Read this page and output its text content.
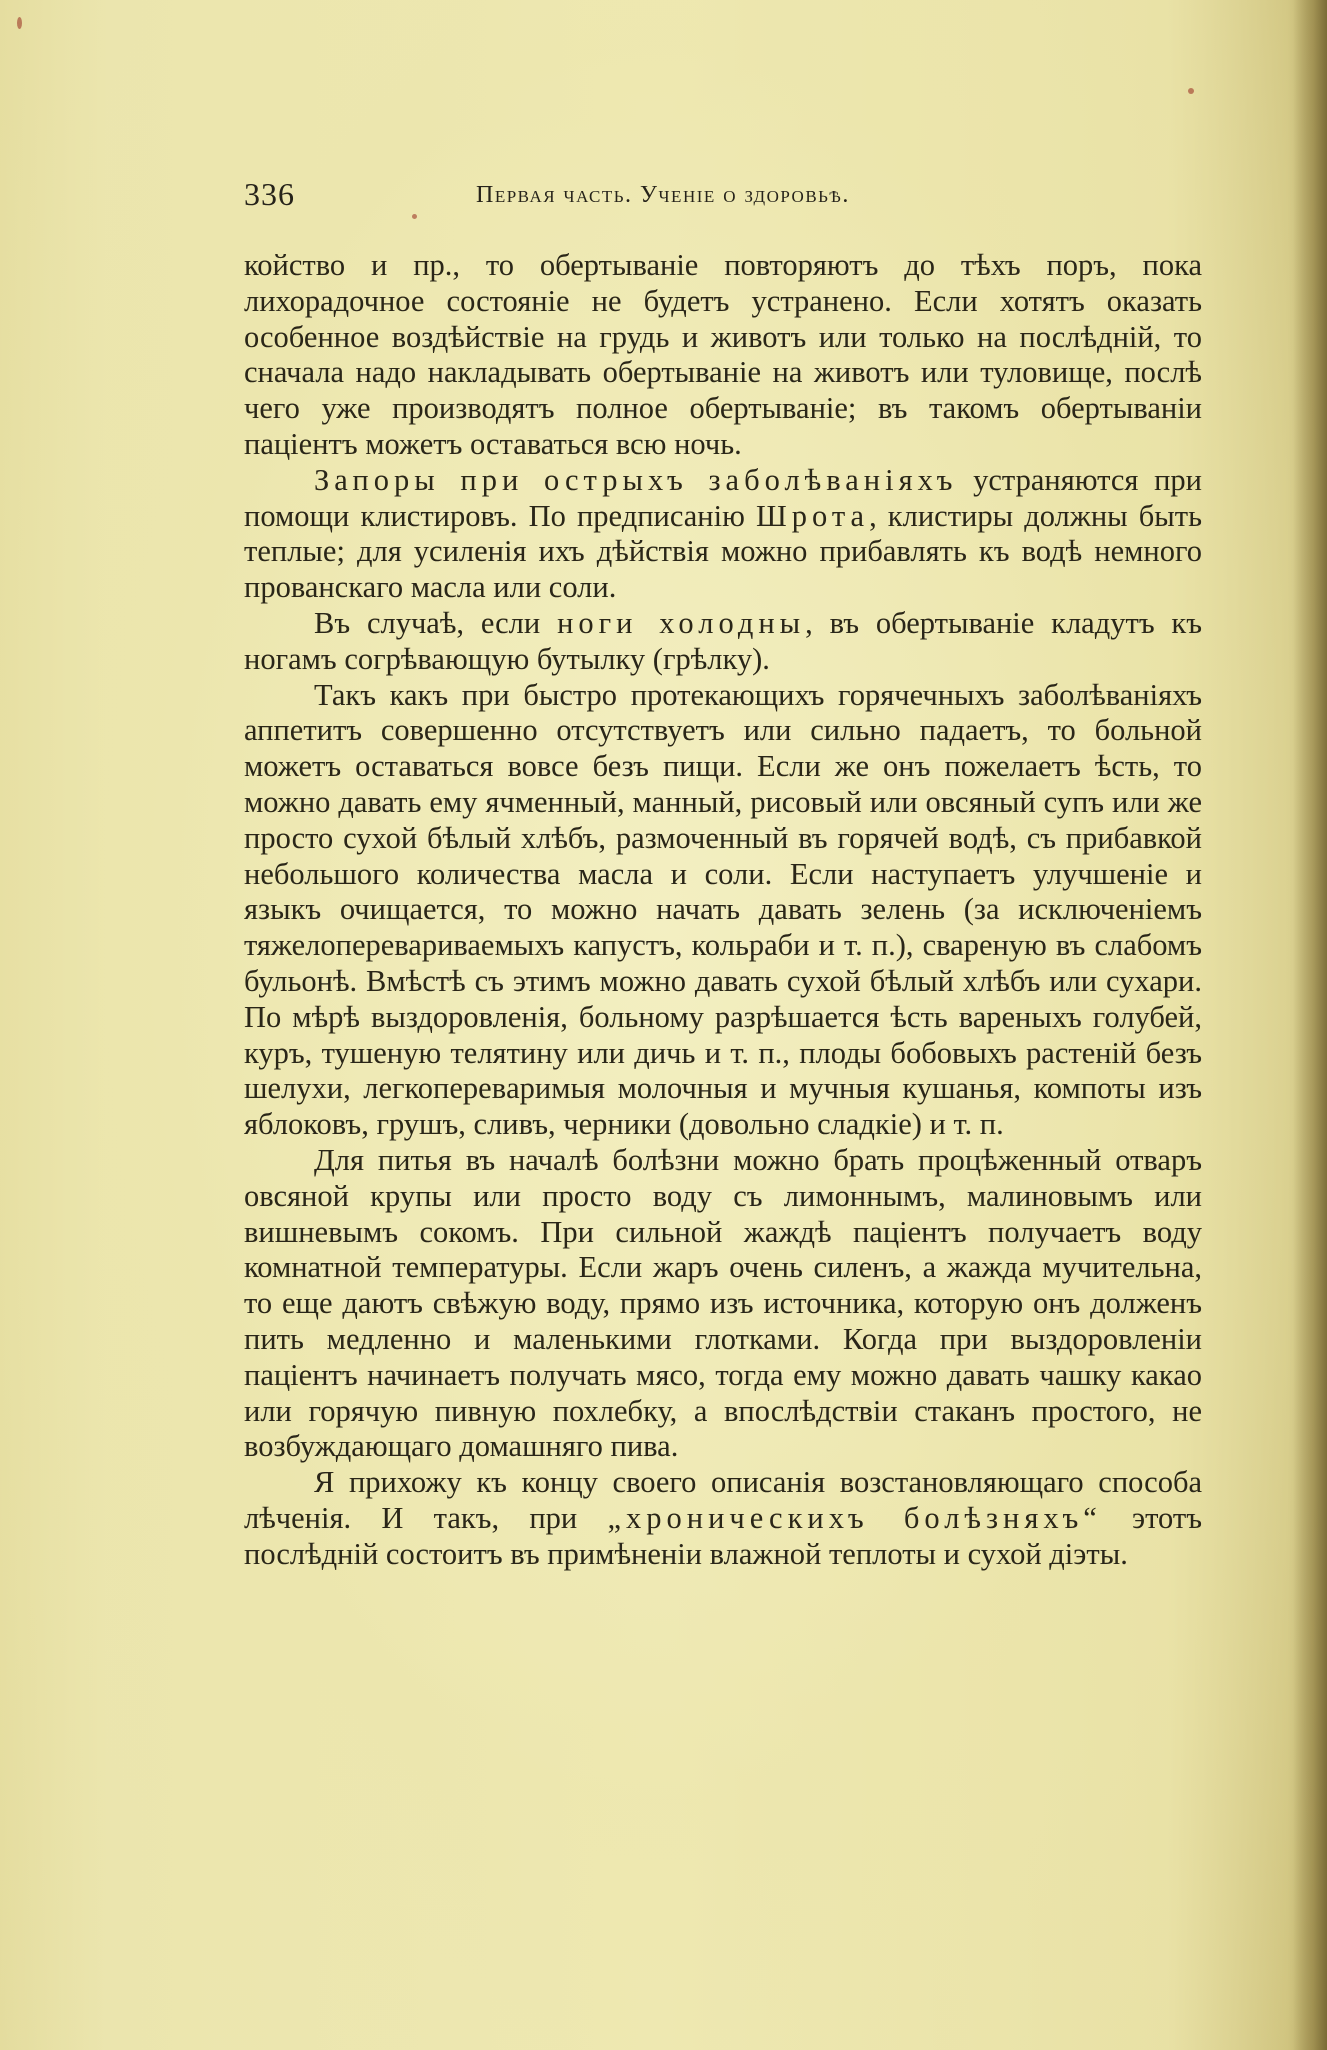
336	Первая часть. Ученіе о здоровьѣ.

койство и пр., то обертываніе повторяютъ до тѣхъ поръ, пока лихорадочное состояніе не будетъ устранено. Если хотятъ оказать особенное воздѣйствіе на грудь и животъ или только на послѣдній, то сначала надо накладывать обертываніе на животъ или туловище, послѣ чего уже производятъ полное обертываніе; въ такомъ обертываніи паціентъ можетъ оставаться всю ночь.

Запоры при острыхъ заболѣваніяхъ устраняются при помощи клистировъ. По предписанію Шрота, клистиры должны быть теплые; для усиленія ихъ дѣйствія можно прибавлять къ водѣ немного прованскаго масла или соли.

Въ случаѣ, если ноги холодны, въ обертываніе кладутъ къ ногамъ согрѣвающую бутылку (грѣлку).

Такъ какъ при быстро протекающихъ горячечныхъ заболѣваніяхъ аппетитъ совершенно отсутствуетъ или сильно падаетъ, то больной можетъ оставаться вовсе безъ пищи. Если же онъ пожелаетъ ѣсть, то можно давать ему ячменный, манный, рисовый или овсяный супъ или же просто сухой бѣлый хлѣбъ, размоченный въ горячей водѣ, съ прибавкой небольшого количества масла и соли. Если наступаетъ улучшеніе и языкъ очищается, то можно начать давать зелень (за исключеніемъ тяжелоперевариваемыхъ капустъ, кольраби и т. п.), свареную въ слабомъ бульонѣ. Вмѣстѣ съ этимъ можно давать сухой бѣлый хлѣбъ или сухари. По мѣрѣ выздоровленія, больному разрѣшается ѣсть вареныхъ голубей, куръ, тушеную телятину или дичь и т. п., плоды бобовыхъ растеній безъ шелухи, легкоперевaримыя молочныя и мучныя кушанья, компоты изъ яблоковъ, грушъ, сливъ, черники (довольно сладкіе) и т. п.

Для питья въ началѣ болѣзни можно брать процѣженный отваръ овсяной крупы или просто воду съ лимоннымъ, малиновымъ или вишневымъ сокомъ. При сильной жаждѣ паціентъ получаетъ воду комнатной температуры. Если жаръ очень силенъ, а жажда мучительна, то еще даютъ свѣжую воду, прямо изъ источника, которую онъ долженъ пить медленно и маленькими глотками. Когда при выздоровленіи паціентъ начинаетъ получать мясо, тогда ему можно давать чашку какао или горячую пивную похлебку, а впослѣдствіи стаканъ простого, не возбуждающаго домашняго пива.

Я прихожу къ концу своего описанія возстановляющаго способа лѣченія. И такъ, при „хроническихъ болѣзняхъ“ этотъ послѣдній состоитъ въ примѣненіи влажной теплоты и сухой діэты.
